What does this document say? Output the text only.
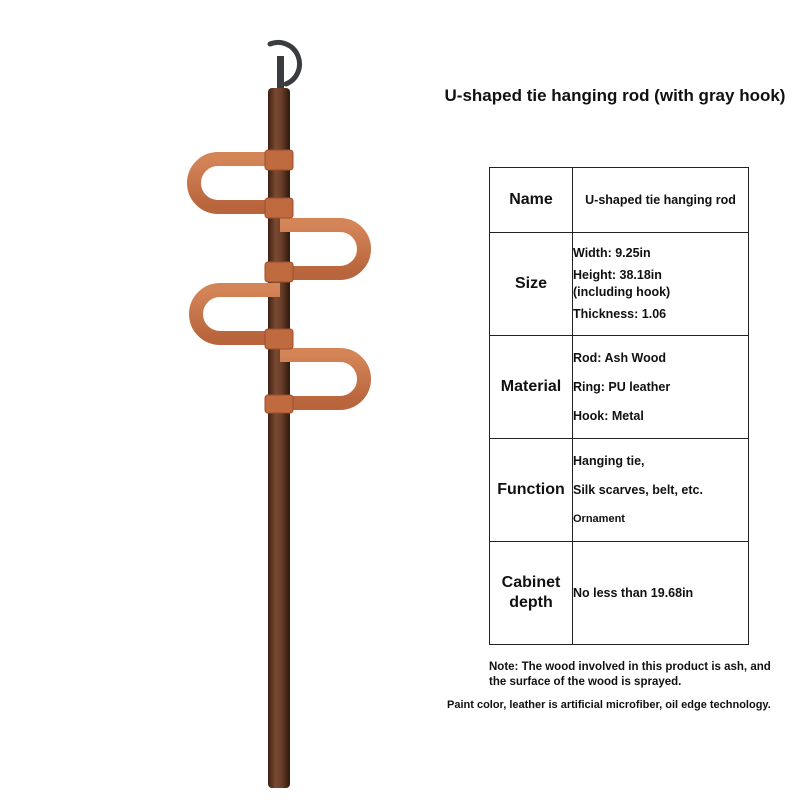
U-shaped tie hanging rod (with gray hook)
Name	U-shaped tie hanging rod
Size	Width: 9.25in
Height: 38.18in
(including hook)
Thickness: 1.06

Material	Rod: Ash Wood
Ring: PU leather
Hook: Metal

Function	Hanging tie,
Silk scarves, belt, etc.
Ornament

Cabinet depth	No less than 19.68in
Note: The wood involved in this product is ash, and the surface of the wood is sprayed.
Paint color, leather is artificial microfiber, oil edge technology.
